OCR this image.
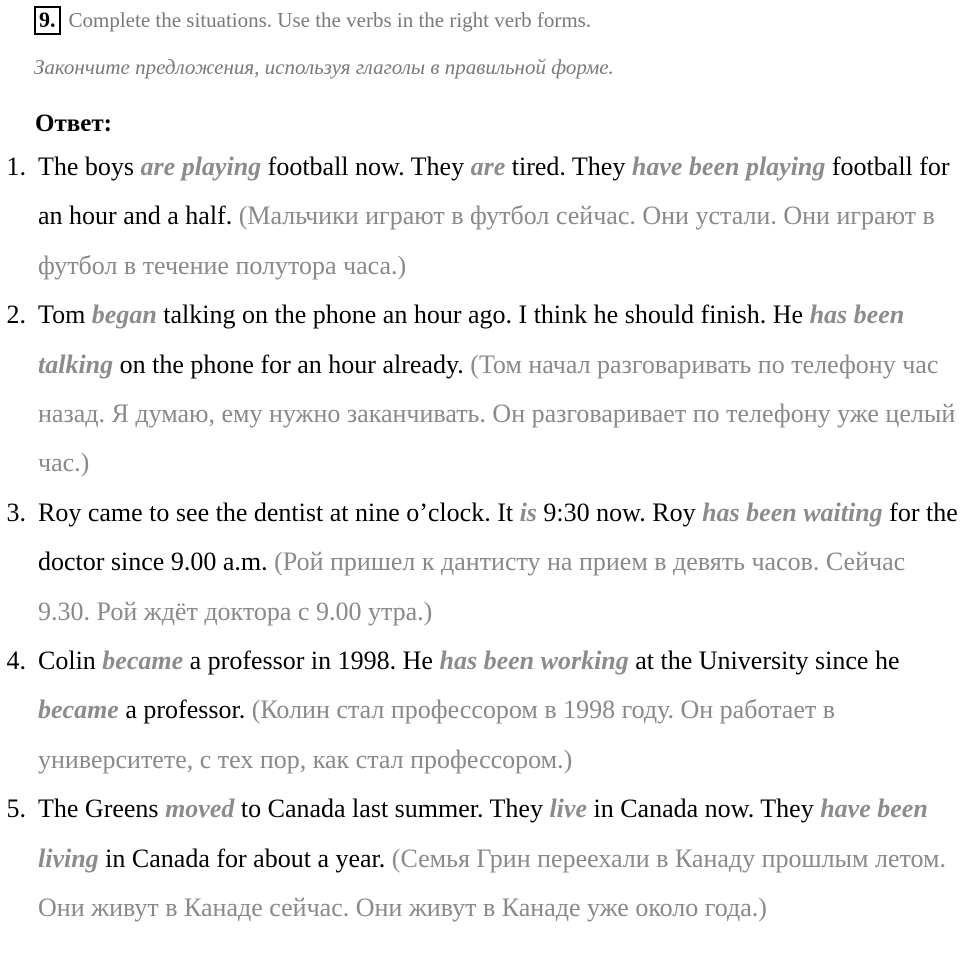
9. Complete the situations. Use the verbs in the right verb forms.
Закончите предложения, используя глаголы в правильной форме.
Ответ:
1. The boys are playing football now. They are tired. They have been playing football for an hour and a half. (Мальчики играют в футбол сейчас. Они устали. Они играют в футбол в течение полутора часа.)
2. Tom began talking on the phone an hour ago. I think he should finish. He has been talking on the phone for an hour already. (Том начал разговаривать по телефону час назад. Я думаю, ему нужно заканчивать. Он разговаривает по телефону уже целый час.)
3. Roy came to see the dentist at nine o’clock. It is 9:30 now. Roy has been waiting for the doctor since 9.00 a.m. (Рой пришел к дантисту на прием в девять часов. Сейчас 9.30. Рой ждёт доктора с 9.00 утра.)
4. Colin became a professor in 1998. He has been working at the University since he became a professor. (Колин стал профессором в 1998 году. Он работает в университете, с тех пор, как стал профессором.)
5. The Greens moved to Canada last summer. They live in Canada now. They have been living in Canada for about a year. (Семья Грин переехали в Канаду прошлым летом. Они живут в Канаде сейчас. Они живут в Канаде уже около года.)
